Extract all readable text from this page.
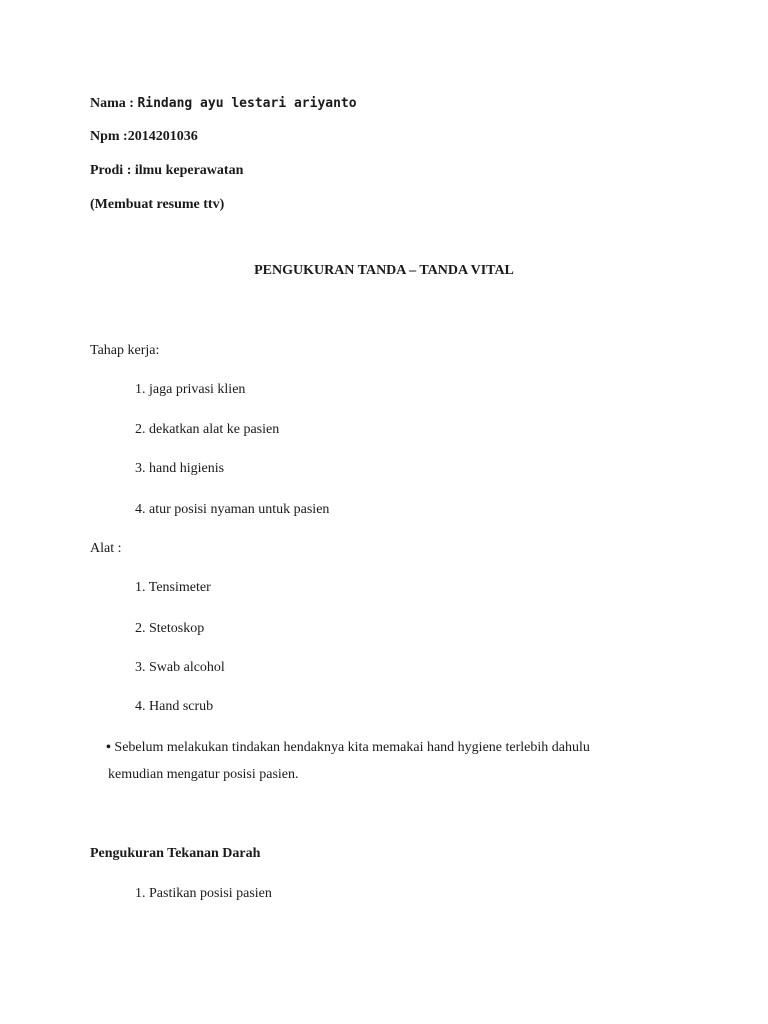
Nama : Rindang ayu lestari ariyanto
Npm :2014201036
Prodi : ilmu keperawatan
(Membuat resume ttv)
PENGUKURAN TANDA – TANDA VITAL
Tahap kerja:
1. jaga privasi klien
2. dekatkan alat ke pasien
3. hand higienis
4. atur posisi nyaman untuk pasien
Alat :
1. Tensimeter
2. Stetoskop
3. Swab alcohol
4. Hand scrub
• Sebelum melakukan tindakan hendaknya kita memakai hand hygiene terlebih dahulu
kemudian mengatur posisi pasien.
Pengukuran Tekanan Darah
1. Pastikan posisi pasien
